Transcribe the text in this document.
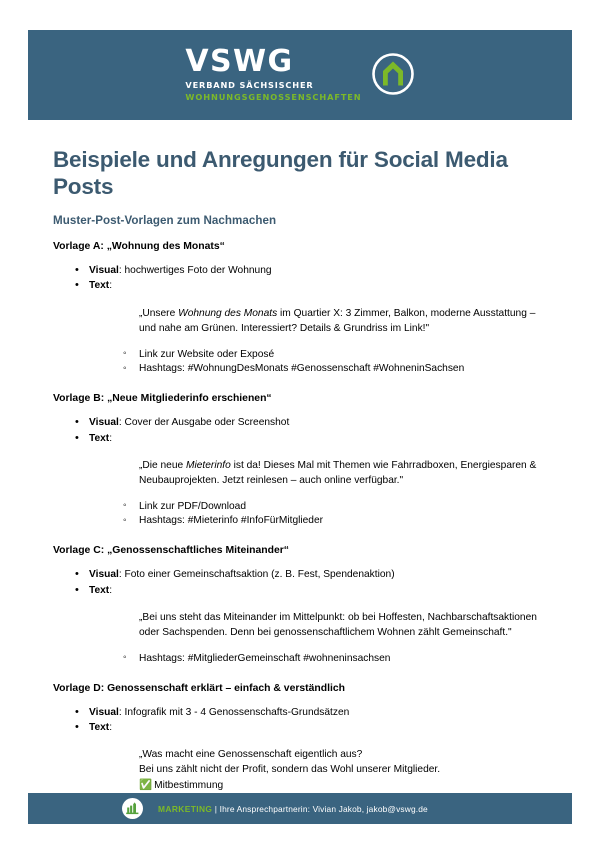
VSWG
VERBAND SÄCHSISCHER
WOHNUNGSGENOSSENSCHAFTEN
Beispiele und Anregungen für Social Media Posts
Muster-Post-Vorlagen zum Nachmachen
Vorlage A: „Wohnung des Monats“
• Visual: hochwertiges Foto der Wohnung
• Text:
„Unsere Wohnung des Monats im Quartier X: 3 Zimmer, Balkon, moderne Ausstattung – und nahe am Grünen. Interessiert? Details & Grundriss im Link!"
◦ Link zur Website oder Exposé
◦ Hashtags: #WohnungDesMonats #Genossenschaft #WohneninSachsen
Vorlage B: „Neue Mitgliederinfo erschienen“
• Visual: Cover der Ausgabe oder Screenshot
• Text:
„Die neue Mieterinfo ist da! Dieses Mal mit Themen wie Fahrradboxen, Energiesparen & Neubauprojekten. Jetzt reinlesen – auch online verfügbar."
◦ Link zur PDF/Download
◦ Hashtags: #Mieterinfo #InfoFürMitglieder
Vorlage C: „Genossenschaftliches Miteinander“
• Visual: Foto einer Gemeinschaftsaktion (z. B. Fest, Spendenaktion)
• Text:
„Bei uns steht das Miteinander im Mittelpunkt: ob bei Hoffesten, Nachbarschaftsaktionen oder Sachspenden. Denn bei genossenschaftlichem Wohnen zählt Gemeinschaft."
◦ Hashtags: #MitgliederGemeinschaft #wohneninsachsen
Vorlage D: Genossenschaft erklärt – einfach & verständlich
• Visual: Infografik mit 3 - 4 Genossenschafts-Grundsätzen
• Text:
„Was macht eine Genossenschaft eigentlich aus?
Bei uns zählt nicht der Profit, sondern das Wohl unserer Mitglieder.
✅ Mitbestimmung
MARKETING | Ihre Ansprechpartnerin: Vivian Jakob, jakob@vswg.de
